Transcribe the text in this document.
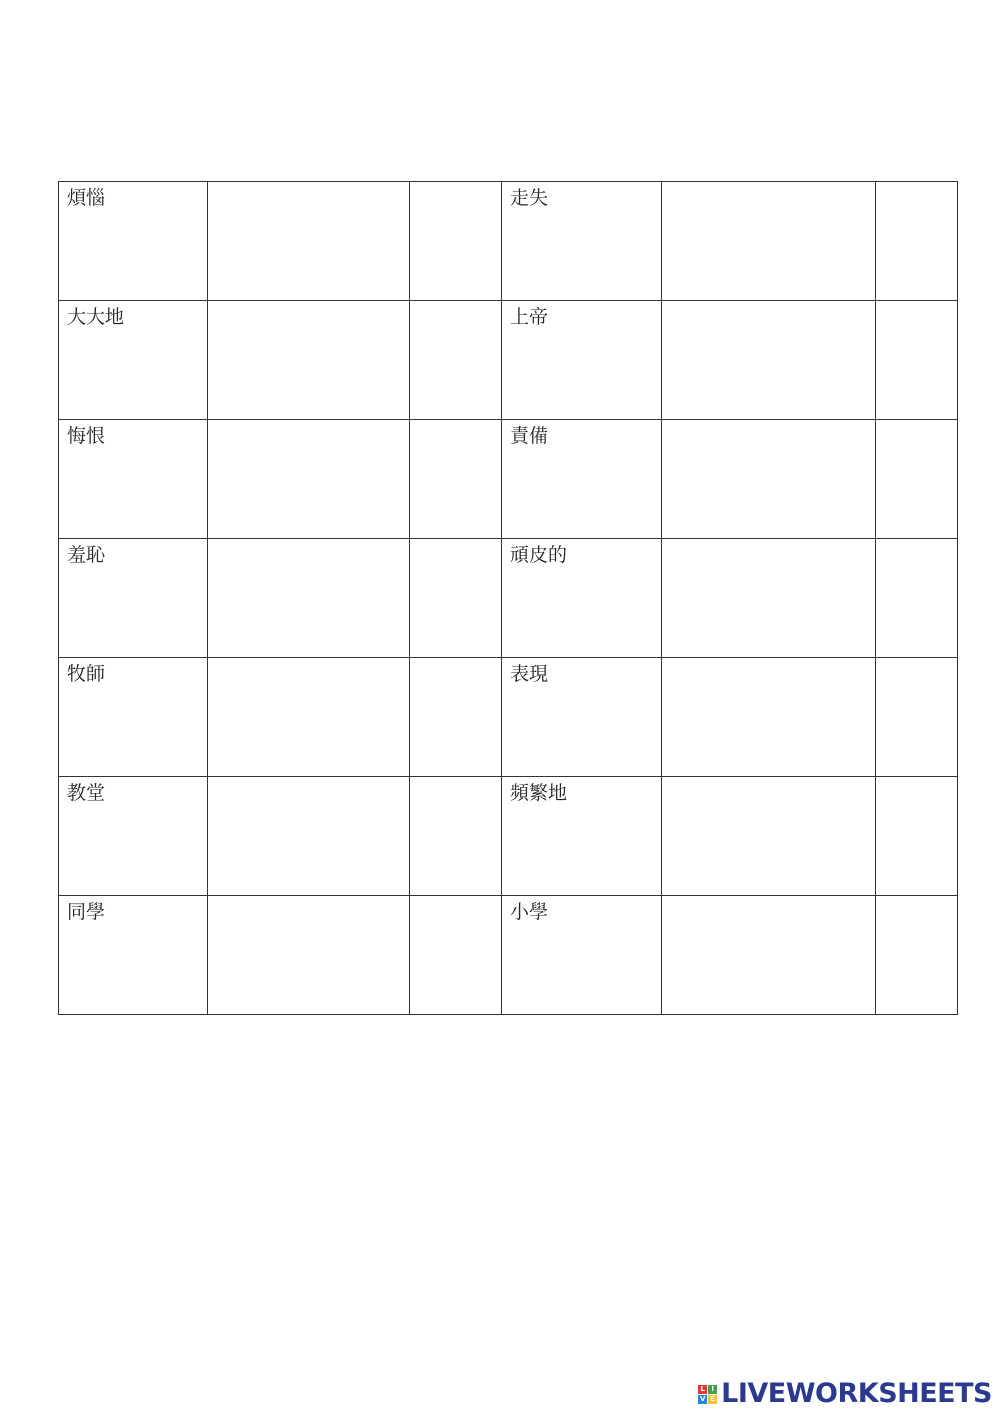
煩惱			走失		
大大地			上帝		
悔恨			責備		
羞恥			頑皮的		
牧師			表現		
教堂			頻繁地		
同學			小學		
L I
V E LIVEWORKSHEETS
